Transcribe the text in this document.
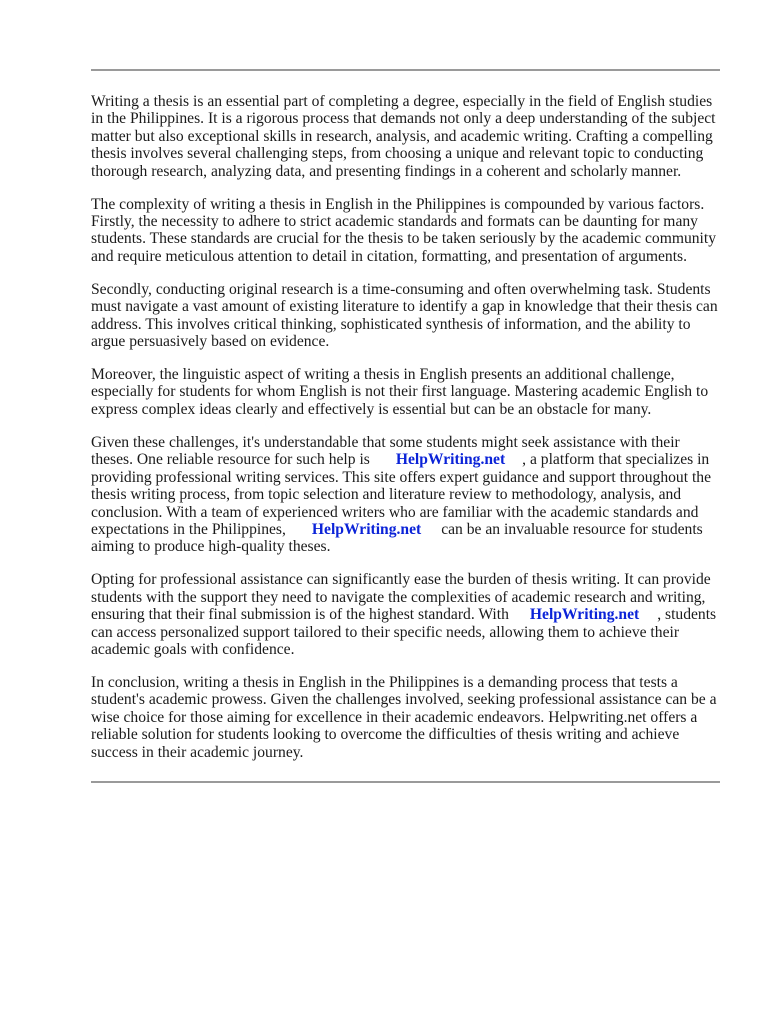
Writing a thesis is an essential part of completing a degree, especially in the field of English studies
in the Philippines. It is a rigorous process that demands not only a deep understanding of the subject
matter but also exceptional skills in research, analysis, and academic writing. Crafting a compelling
thesis involves several challenging steps, from choosing a unique and relevant topic to conducting
thorough research, analyzing data, and presenting findings in a coherent and scholarly manner.

The complexity of writing a thesis in English in the Philippines is compounded by various factors.
Firstly, the necessity to adhere to strict academic standards and formats can be daunting for many
students. These standards are crucial for the thesis to be taken seriously by the academic community
and require meticulous attention to detail in citation, formatting, and presentation of arguments.

Secondly, conducting original research is a time-consuming and often overwhelming task. Students
must navigate a vast amount of existing literature to identify a gap in knowledge that their thesis can
address. This involves critical thinking, sophisticated synthesis of information, and the ability to
argue persuasively based on evidence.

Moreover, the linguistic aspect of writing a thesis in English presents an additional challenge,
especially for students for whom English is not their first language. Mastering academic English to
express complex ideas clearly and effectively is essential but can be an obstacle for many.

Given these challenges, it's understandable that some students might seek assistance with their
theses. One reliable resource for such help is HelpWriting.net , a platform that specializes in
providing professional writing services. This site offers expert guidance and support throughout the
thesis writing process, from topic selection and literature review to methodology, analysis, and
conclusion. With a team of experienced writers who are familiar with the academic standards and
expectations in the Philippines, HelpWriting.net can be an invaluable resource for students
aiming to produce high-quality theses.

Opting for professional assistance can significantly ease the burden of thesis writing. It can provide
students with the support they need to navigate the complexities of academic research and writing,
ensuring that their final submission is of the highest standard. With HelpWriting.net , students
can access personalized support tailored to their specific needs, allowing them to achieve their
academic goals with confidence.

In conclusion, writing a thesis in English in the Philippines is a demanding process that tests a
student's academic prowess. Given the challenges involved, seeking professional assistance can be a
wise choice for those aiming for excellence in their academic endeavors. Helpwriting.net offers a
reliable solution for students looking to overcome the difficulties of thesis writing and achieve
success in their academic journey.
